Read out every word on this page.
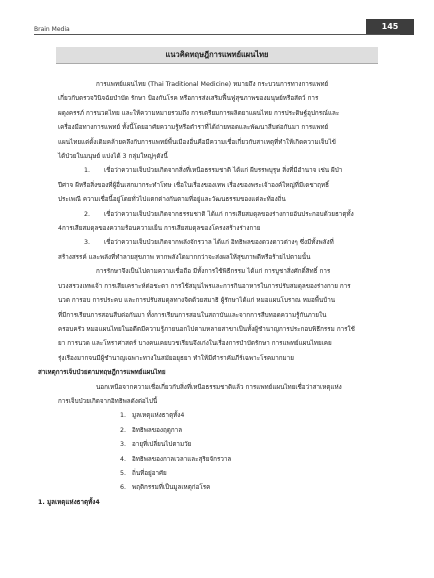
Brain Media	145
แนวคิดทฤษฎีการแพทย์แผนไทย

การแพทย์แผนไทย (Thai Traditional Medicine) หมายถึง กระบวนการทางการแพทย์

เกี่ยวกับตรวจวินิจฉัยบำบัด รักษา ป้องกันโรค หรือการส่งเสริมฟื้นฟูสุขภาพของมนุษย์หรือสัตว์ การ

ผดุงครรภ์ การนวดไทย และให้ความหมายรวมถึง การเตรียมการผลิตยาแผนไทย การประดิษฐ์อุปกรณ์และ

เครื่องมือทางการแพทย์ ทั้งนี้โดยอาศัยความรู้หรือตำราที่ได้ถ่ายทอดและพัฒนาสืบต่อกันมา การแพทย์

แผนไทยแต่ดั้งเดิมคล้ายคลึงกับการแพทย์พื้นเมืองอื่นคือมีความเชื่อเกี่ยวกับสาเหตุที่ทำให้เกิดความเจ็บไข้

ได้ป่วยในมนุษย์ แบ่งได้ 3 กลุ่มใหญ่ๆดังนี้

1.	เชื่อว่าความเจ็บป่วยเกิดจากสิ่งที่เหนือธรรมชาติ ได้แก่ ผีบรรพบุรุษ สิ่งที่มีอำนาจ เช่น ผีป่า

ปีศาจ ผีหรือสิ่งของที่ผู้อื่นเสกมากระทำโทษ เชื่อในเรื่องของเทพ เรื่องของพระเจ้าองค์ใหญ่ที่มีเดชาฤทธิ์

ประเพณี ความเชื่อนี้อยู่โดยทั่วไปแตกต่างกันตามที่อยู่และวัฒนธรรมของแต่ละท้องถิ่น

2.	เชื่อว่าความเจ็บป่วยเกิดจากธรรมชาติ ได้แก่ การเสียสมดุลของร่างกายอันประกอบด้วยธาตุทั้ง

4การเสียสมดุลของความร้อนความเย็น การเสียสมดุลของโครงสร้างร่างกาย

3.	เชื่อว่าความเจ็บป่วยเกิดจากพลังจักรวาล ได้แก่ อิทธิพลของดวงดาวต่างๆ ซึ่งมีทั้งพลังที่

สร้างสรรค์ และพลังที่ทำลายสุขภาพ หากพลังใดมากกว่าจะส่งผลให้สุขภาพดีหรือร้ายไปตามนั้น

การรักษาจึงเป็นไปตามความเชื่อถือ มีทั้งการใช้พิธีกรรม ได้แก่ การบูชาสิ่งศักดิ์สิทธิ์ การ

บวงสรวงเทพเจ้า การเสียเคราะห์ต่อชะตา การใช้สมุนไพรและการกินอาหารในการปรับสมดุลของร่างกาย การ

นวด การอบ การประคบ และการปรับสมดุลทางจิตด้วยสมาธิ ผู้รักษาได้แก่ หมอแผนโบราณ หมอพื้นบ้าน

ที่มีการเรียนการสอนสืบต่อกันมา ทั้งการเรียนการสอนในสถาบันและจากการสืบทอดความรู้กันภายใน

ครอบครัว หมอแผนไทยในอดีตมีความรู้ภายนอกไปตามหลายสาขาเป็นทั้งผู้ชำนาญการประกอบพิธีกรรม การใช้

ยา การนวด และโหราศาสตร์ บางคนเคยบวชเรียนจึงเก่งในเรื่องการบำบัดรักษา การแพทย์แผนไทยเคย

รุ่งเรืองมากจนมีผู้ชำนาญเฉพาะทางในสมัยอยุธยา ทำให้มีตำราคัมภีร์เฉพาะโรคมากมาย

สาเหตุการเจ็บป่วยตามทฤษฎีการแพทย์แผนไทย

นอกเหนือจากความเชื่อเกี่ยวกับสิ่งที่เหนือธรรมชาติแล้ว การแพทย์แผนไทยเชื่อว่าสาเหตุแห่ง

การเจ็บป่วยเกิดจากอิทธิพลดังต่อไปนี้

1. มูลเหตุแห่งธาตุทั้ง4
2. อิทธิพลของฤดูกาล
3. อายุที่เปลี่ยนไปตามวัย
4. อิทธิพลของกาลเวลาและสุริยจักรวาล
5. ถิ่นที่อยู่อาศัย
6. พฤติกรรมที่เป็นมูลเหตุก่อโรค

1. มูลเหตุแห่งธาตุทั้ง4
